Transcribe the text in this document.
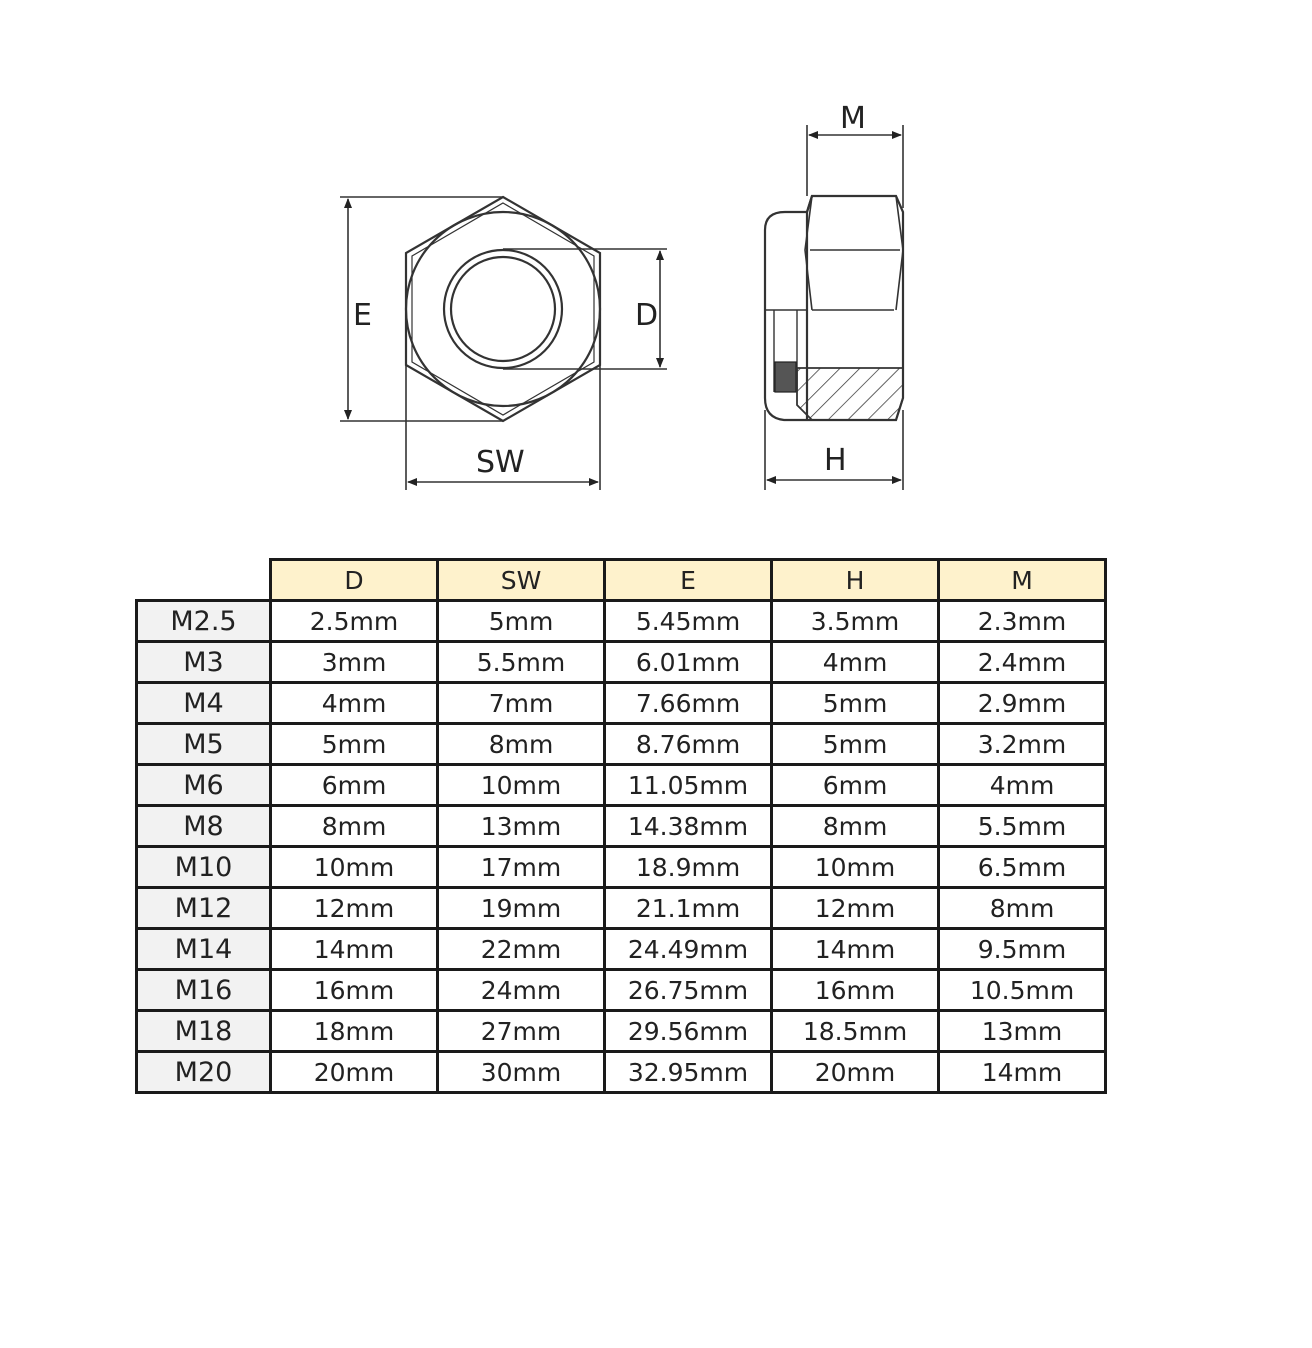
E	D
SW
M
H
	D	SW	E	H	M
M2.5	2.5mm	5mm	5.45mm	3.5mm	2.3mm
M3	3mm	5.5mm	6.01mm	4mm	2.4mm
M4	4mm	7mm	7.66mm	5mm	2.9mm
M5	5mm	8mm	8.76mm	5mm	3.2mm
M6	6mm	10mm	11.05mm	6mm	4mm
M8	8mm	13mm	14.38mm	8mm	5.5mm
M10	10mm	17mm	18.9mm	10mm	6.5mm
M12	12mm	19mm	21.1mm	12mm	8mm
M14	14mm	22mm	24.49mm	14mm	9.5mm
M16	16mm	24mm	26.75mm	16mm	10.5mm
M18	18mm	27mm	29.56mm	18.5mm	13mm
M20	20mm	30mm	32.95mm	20mm	14mm
